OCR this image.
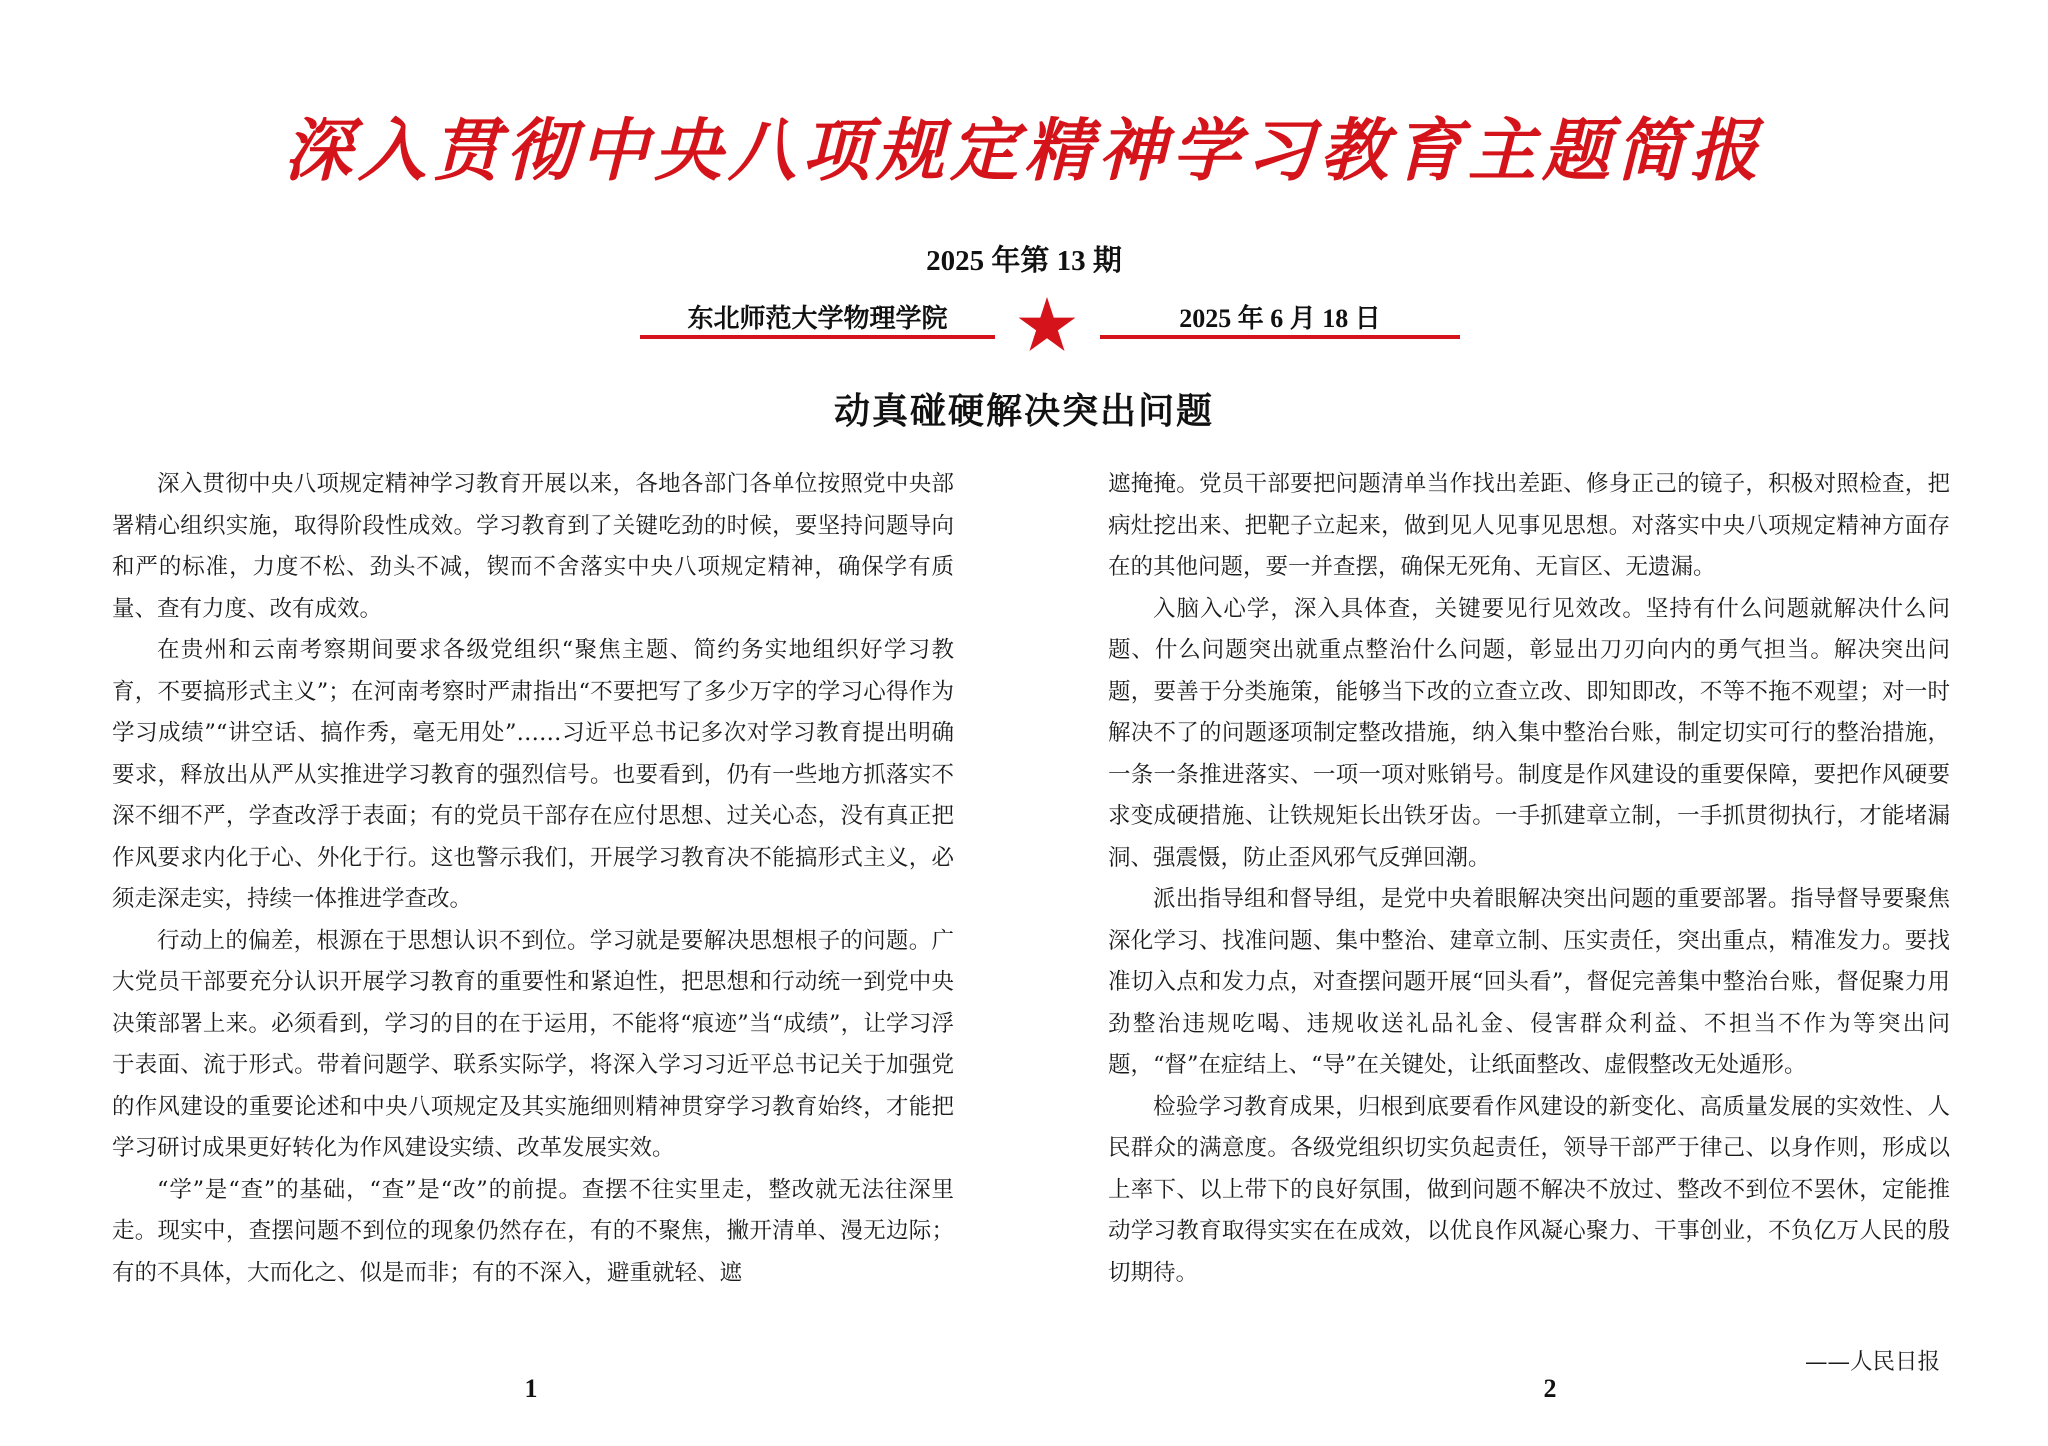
深入贯彻中央八项规定精神学习教育主题简报
2025 年第 13 期
东北师范大学物理学院	2025 年 6 月 18 日
动真碰硬解决突出问题

深入贯彻中央八项规定精神学习教育开展以来，各地各部门各单位按照党中央部署精心组织实施，取得阶段性成效。学习教育到了关键吃劲的时候，要坚持问题导向和严的标准，力度不松、劲头不减，锲而不舍落实中央八项规定精神，确保学有质量、查有力度、改有成效。

在贵州和云南考察期间要求各级党组织“聚焦主题、简约务实地组织好学习教育，不要搞形式主义”；在河南考察时严肃指出“不要把写了多少万字的学习心得作为学习成绩”“讲空话、搞作秀，毫无用处”……习近平总书记多次对学习教育提出明确要求，释放出从严从实推进学习教育的强烈信号。也要看到，仍有一些地方抓落实不深不细不严，学查改浮于表面；有的党员干部存在应付思想、过关心态，没有真正把作风要求内化于心、外化于行。这也警示我们，开展学习教育决不能搞形式主义，必须走深走实，持续一体推进学查改。

行动上的偏差，根源在于思想认识不到位。学习就是要解决思想根子的问题。广大党员干部要充分认识开展学习教育的重要性和紧迫性，把思想和行动统一到党中央决策部署上来。必须看到，学习的目的在于运用，不能将“痕迹”当“成绩”，让学习浮于表面、流于形式。带着问题学、联系实际学，将深入学习习近平总书记关于加强党的作风建设的重要论述和中央八项规定及其实施细则精神贯穿学习教育始终，才能把学习研讨成果更好转化为作风建设实绩、改革发展实效。

“学”是“查”的基础，“查”是“改”的前提。查摆不往实里走，整改就无法往深里走。现实中，查摆问题不到位的现象仍然存在，有的不聚焦，撇开清单、漫无边际；有的不具体，大而化之、似是而非；有的不深入，避重就轻、遮

遮掩掩。党员干部要把问题清单当作找出差距、修身正己的镜子，积极对照检查，把病灶挖出来、把靶子立起来，做到见人见事见思想。对落实中央八项规定精神方面存在的其他问题，要一并查摆，确保无死角、无盲区、无遗漏。

入脑入心学，深入具体查，关键要见行见效改。坚持有什么问题就解决什么问题、什么问题突出就重点整治什么问题，彰显出刀刃向内的勇气担当。解决突出问题，要善于分类施策，能够当下改的立查立改、即知即改，不等不拖不观望；对一时解决不了的问题逐项制定整改措施，纳入集中整治台账，制定切实可行的整治措施，一条一条推进落实、一项一项对账销号。制度是作风建设的重要保障，要把作风硬要求变成硬措施、让铁规矩长出铁牙齿。一手抓建章立制，一手抓贯彻执行，才能堵漏洞、强震慑，防止歪风邪气反弹回潮。

派出指导组和督导组，是党中央着眼解决突出问题的重要部署。指导督导要聚焦深化学习、找准问题、集中整治、建章立制、压实责任，突出重点，精准发力。要找准切入点和发力点，对查摆问题开展“回头看”，督促完善集中整治台账，督促聚力用劲整治违规吃喝、违规收送礼品礼金、侵害群众利益、不担当不作为等突出问题，“督”在症结上、“导”在关键处，让纸面整改、虚假整改无处遁形。

检验学习教育成果，归根到底要看作风建设的新变化、高质量发展的实效性、人民群众的满意度。各级党组织切实负起责任，领导干部严于律己、以身作则，形成以上率下、以上带下的良好氛围，做到问题不解决不放过、整改不到位不罢休，定能推动学习教育取得实实在在成效，以优良作风凝心聚力、干事创业，不负亿万人民的殷切期待。

——人民日报
1	2
